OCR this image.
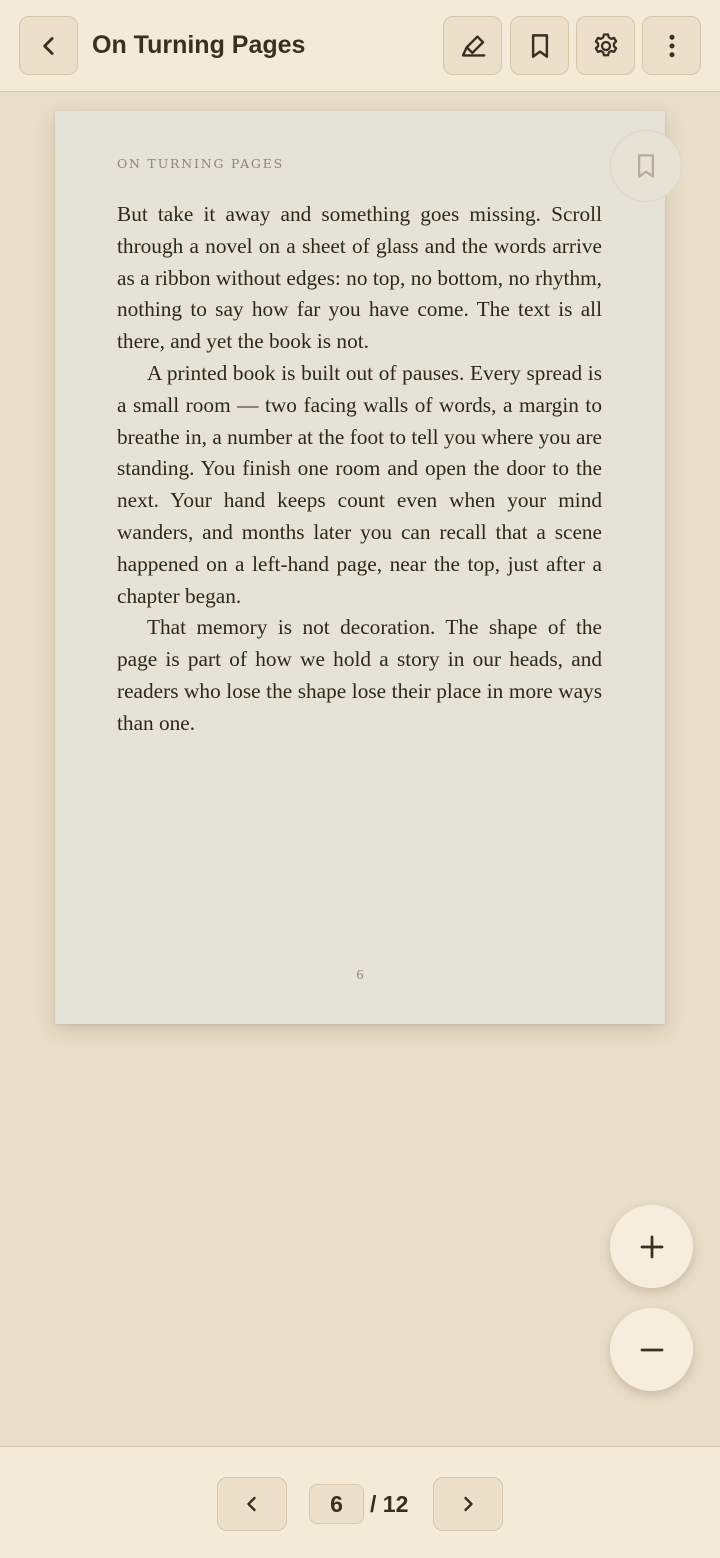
On Turning Pages
ON TURNING PAGES

But take it away and something goes missing. Scroll through a novel on a sheet of glass and the words arrive as a ribbon without edges: no top, no bottom, no rhythm, nothing to say how far you have come. The text is all there, and yet the book is not.

A printed book is built out of pauses. Every spread is a small room — two facing walls of words, a margin to breathe in, a number at the foot to tell you where you are standing. You finish one room and open the door to the next. Your hand keeps count even when your mind wanders, and months later you can recall that a scene happened on a left-hand page, near the top, just after a chapter began.

That memory is not decoration. The shape of the page is part of how we hold a story in our heads, and readers who lose the shape lose their place in more ways than one.

6
6	/ 12
